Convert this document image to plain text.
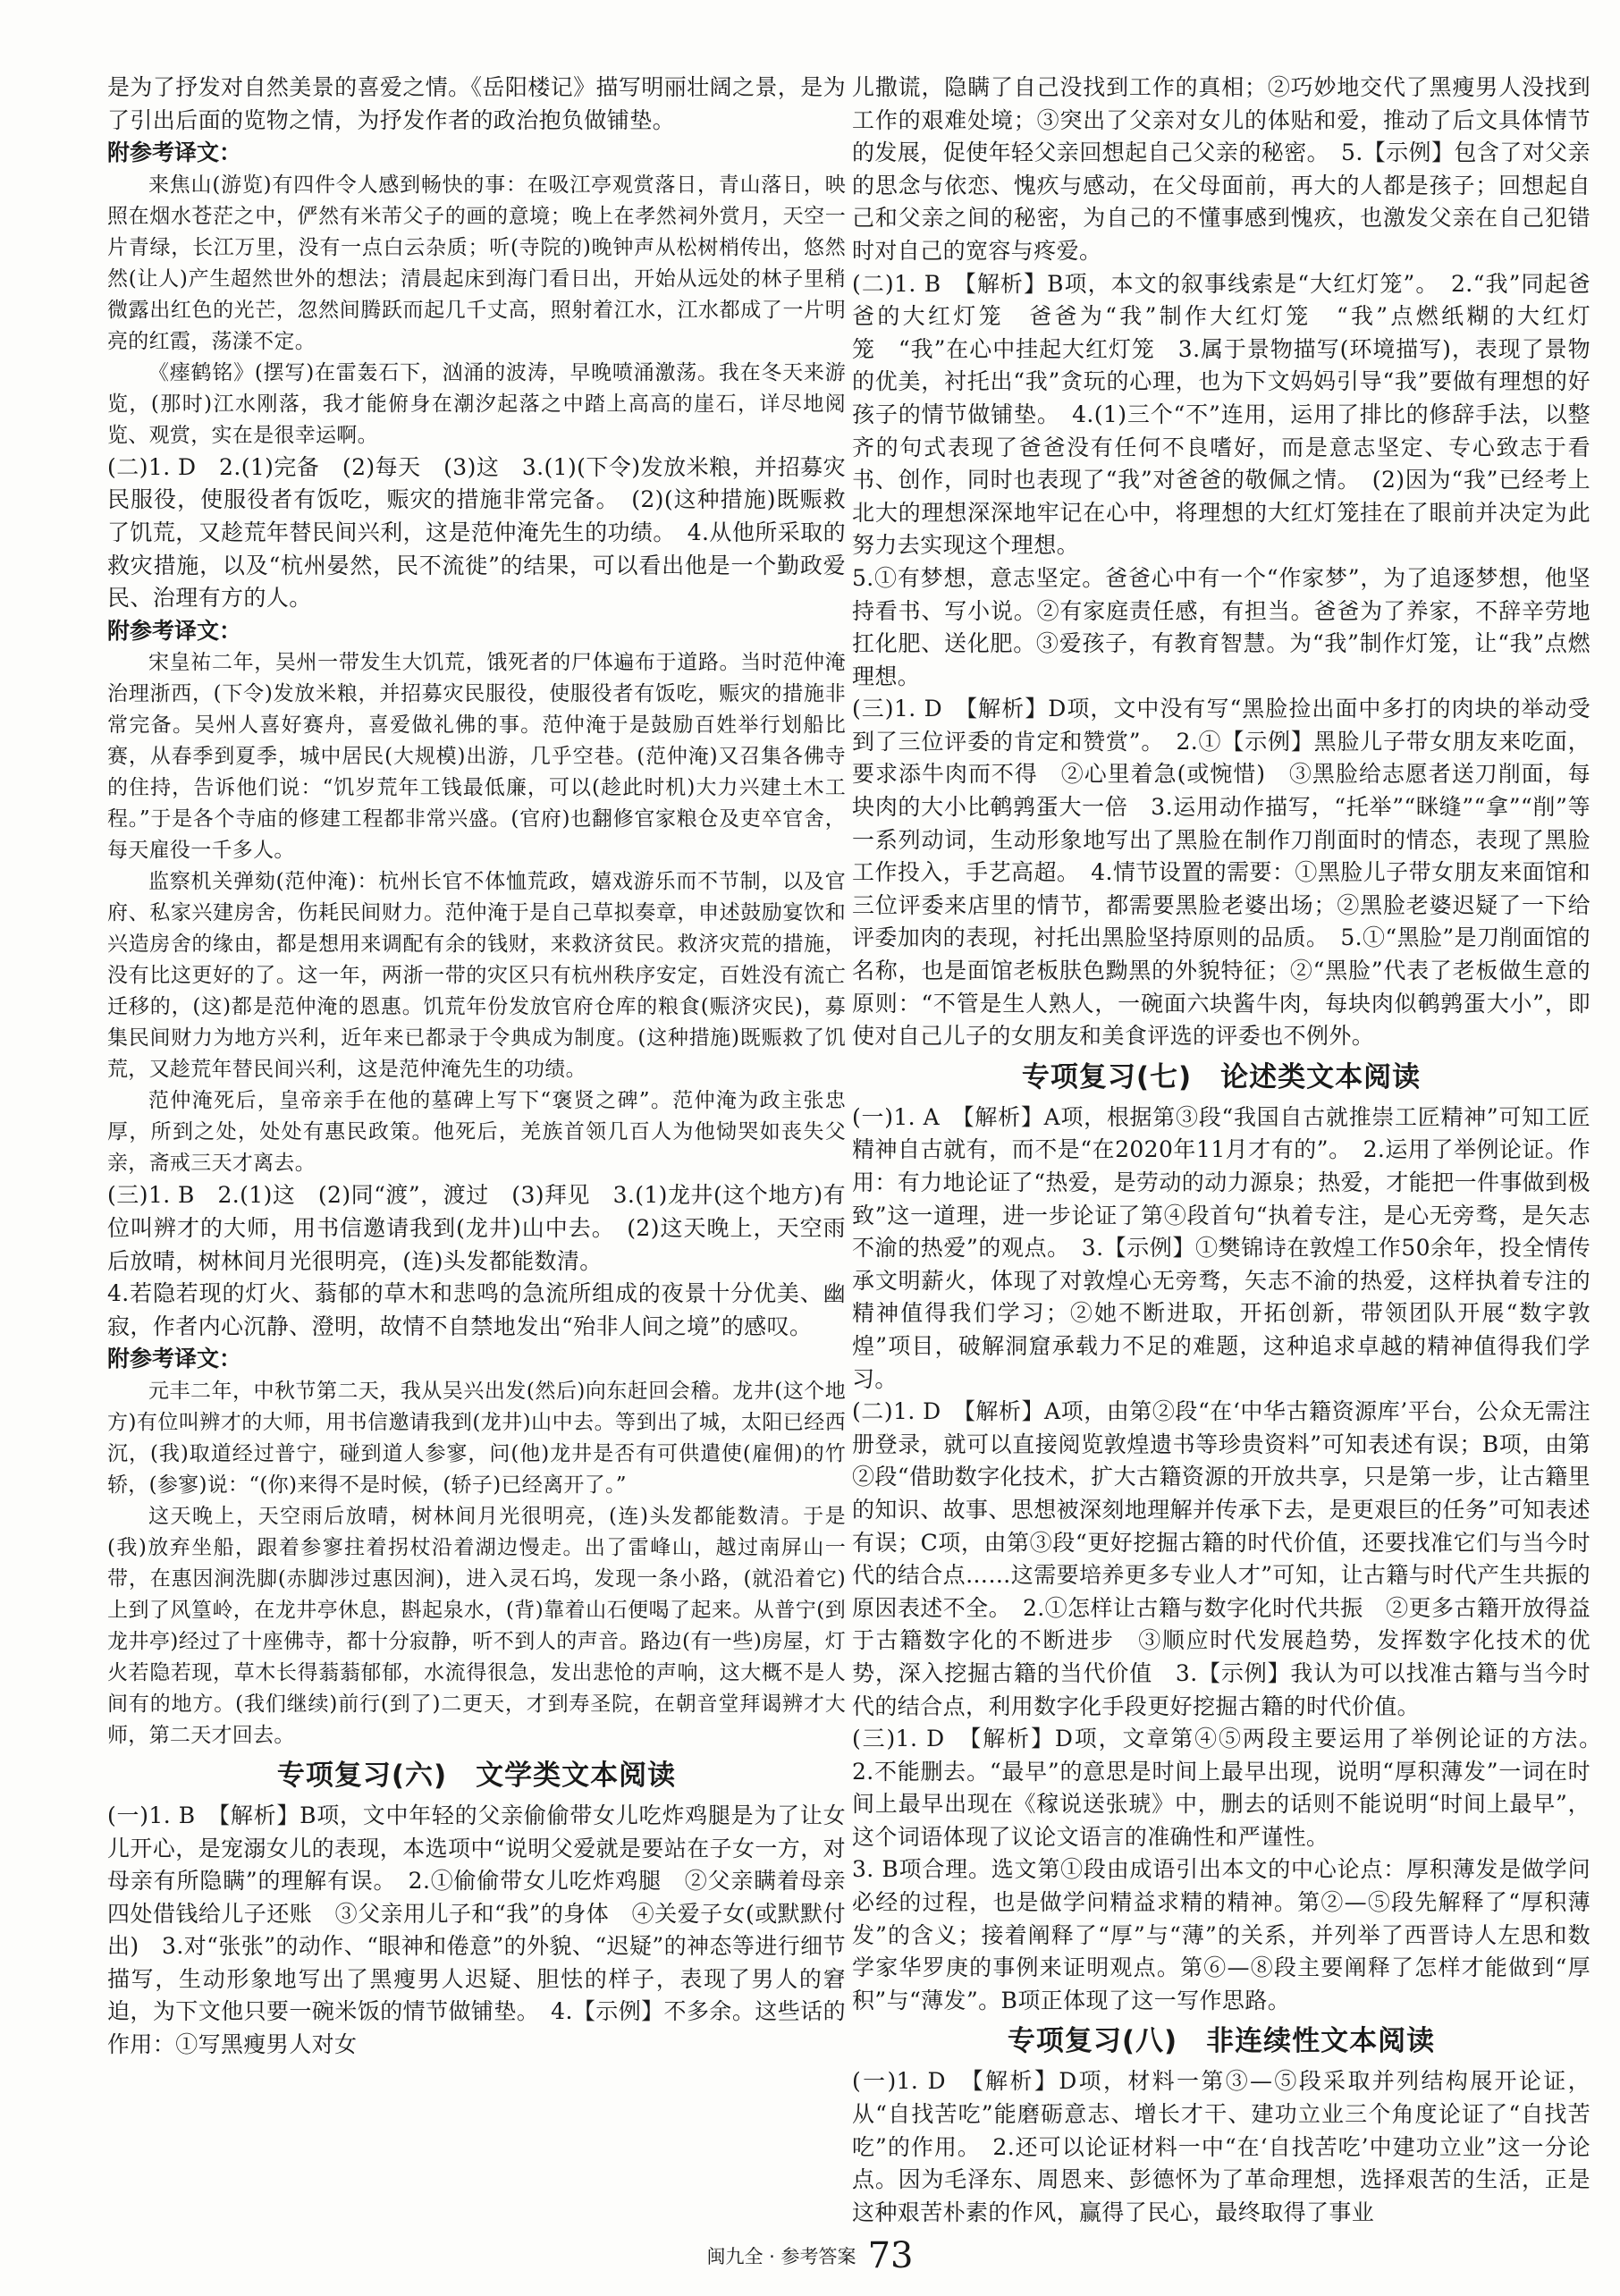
是为了抒发对自然美景的喜爱之情。《岳阳楼记》描写明丽壮阔之景，是为了引出后面的览物之情，为抒发作者的政治抱负做铺垫。

附参考译文：

来焦山(游览)有四件令人感到畅快的事：在吸江亭观赏落日，青山落日，映照在烟水苍茫之中，俨然有米芾父子的画的意境；晚上在孝然祠外赏月，天空一片青绿，长江万里，没有一点白云杂质；听(寺院的)晚钟声从松树梢传出，悠然然(让人)产生超然世外的想法；清晨起床到海门看日出，开始从远处的林子里稍微露出红色的光芒，忽然间腾跃而起几千丈高，照射着江水，江水都成了一片明亮的红霞，荡漾不定。

《瘗鹤铭》(摆写)在雷轰石下，汹涌的波涛，早晚喷涌激荡。我在冬天来游览，(那时)江水刚落，我才能俯身在潮汐起落之中踏上高高的崖石，详尽地阅览、观赏，实在是很幸运啊。

(二)1. D　2.(1)完备　(2)每天　(3)这　3.(1)(下令)发放米粮，并招募灾民服役，使服役者有饭吃，赈灾的措施非常完备。　(2)(这种措施)既赈救了饥荒，又趁荒年替民间兴利，这是范仲淹先生的功绩。　4.从他所采取的救灾措施，以及“杭州晏然，民不流徙”的结果，可以看出他是一个勤政爱民、治理有方的人。

附参考译文：

宋皇祐二年，吴州一带发生大饥荒，饿死者的尸体遍布于道路。当时范仲淹治理浙西，(下令)发放米粮，并招募灾民服役，使服役者有饭吃，赈灾的措施非常完备。吴州人喜好赛舟，喜爱做礼佛的事。范仲淹于是鼓励百姓举行划船比赛，从春季到夏季，城中居民(大规模)出游，几乎空巷。(范仲淹)又召集各佛寺的住持，告诉他们说：“饥岁荒年工钱最低廉，可以(趁此时机)大力兴建土木工程。”于是各个寺庙的修建工程都非常兴盛。(官府)也翻修官家粮仓及吏卒官舍，每天雇役一千多人。

监察机关弹劾(范仲淹)：杭州长官不体恤荒政，嬉戏游乐而不节制，以及官府、私家兴建房舍，伤耗民间财力。范仲淹于是自己草拟奏章，申述鼓励宴饮和兴造房舍的缘由，都是想用来调配有余的钱财，来救济贫民。救济灾荒的措施，没有比这更好的了。这一年，两浙一带的灾区只有杭州秩序安定，百姓没有流亡迁移的，(这)都是范仲淹的恩惠。饥荒年份发放官府仓库的粮食(赈济灾民)，募集民间财力为地方兴利，近年来已都录于令典成为制度。(这种措施)既赈救了饥荒，又趁荒年替民间兴利，这是范仲淹先生的功绩。

范仲淹死后，皇帝亲手在他的墓碑上写下“褒贤之碑”。范仲淹为政主张忠厚，所到之处，处处有惠民政策。他死后，羌族首领几百人为他恸哭如丧失父亲，斋戒三天才离去。

(三)1. B　2.(1)这　(2)同“渡”，渡过　(3)拜见　3.(1)龙井(这个地方)有位叫辨才的大师，用书信邀请我到(龙井)山中去。　(2)这天晚上，天空雨后放晴，树林间月光很明亮，(连)头发都能数清。

4.若隐若现的灯火、蓊郁的草木和悲鸣的急流所组成的夜景十分优美、幽寂，作者内心沉静、澄明，故情不自禁地发出“殆非人间之境”的感叹。

附参考译文：

元丰二年，中秋节第二天，我从吴兴出发(然后)向东赶回会稽。龙井(这个地方)有位叫辨才的大师，用书信邀请我到(龙井)山中去。等到出了城，太阳已经西沉，(我)取道经过普宁，碰到道人参寥，问(他)龙井是否有可供遣使(雇佣)的竹轿，(参寥)说：“(你)来得不是时候，(轿子)已经离开了。”

这天晚上，天空雨后放晴，树林间月光很明亮，(连)头发都能数清。于是(我)放弃坐船，跟着参寥拄着拐杖沿着湖边慢走。出了雷峰山，越过南屏山一带，在惠因涧洗脚(赤脚涉过惠因涧)，进入灵石坞，发现一条小路，(就沿着它)上到了风篁岭，在龙井亭休息，斟起泉水，(背)靠着山石便喝了起来。从普宁(到龙井亭)经过了十座佛寺，都十分寂静，听不到人的声音。路边(有一些)房屋，灯火若隐若现，草木长得蓊蓊郁郁，水流得很急，发出悲怆的声响，这大概不是人间有的地方。(我们继续)前行(到了)二更天，才到寿圣院，在朝音堂拜谒辨才大师，第二天才回去。

专项复习(六)　文学类文本阅读

(一)1. B　【解析】B项，文中年轻的父亲偷偷带女儿吃炸鸡腿是为了让女儿开心，是宠溺女儿的表现，本选项中“说明父爱就是要站在子女一方，对母亲有所隐瞒”的理解有误。　2.①偷偷带女儿吃炸鸡腿　②父亲瞒着母亲四处借钱给儿子还账　③父亲用儿子和“我”的身体　④关爱子女(或默默付出)　3.对“张张”的动作、“眼神和倦意”的外貌、“迟疑”的神态等进行细节描写，生动形象地写出了黑瘦男人迟疑、胆怯的样子，表现了男人的窘迫，为下文他只要一碗米饭的情节做铺垫。　4.【示例】不多余。这些话的作用：①写黑瘦男人对女

儿撒谎，隐瞒了自己没找到工作的真相；②巧妙地交代了黑瘦男人没找到工作的艰难处境；③突出了父亲对女儿的体贴和爱，推动了后文具体情节的发展，促使年轻父亲回想起自己父亲的秘密。　5.【示例】包含了对父亲的思念与依恋、愧疚与感动，在父母面前，再大的人都是孩子；回想起自己和父亲之间的秘密，为自己的不懂事感到愧疚，也激发父亲在自己犯错时对自己的宽容与疼爱。

(二)1. B　【解析】B项，本文的叙事线索是“大红灯笼”。　2.“我”同起爸爸的大红灯笼　爸爸为“我”制作大红灯笼　“我”点燃纸糊的大红灯笼　“我”在心中挂起大红灯笼　3.属于景物描写(环境描写)，表现了景物的优美，衬托出“我”贪玩的心理，也为下文妈妈引导“我”要做有理想的好孩子的情节做铺垫。　4.(1)三个“不”连用，运用了排比的修辞手法，以整齐的句式表现了爸爸没有任何不良嗜好，而是意志坚定、专心致志于看书、创作，同时也表现了“我”对爸爸的敬佩之情。　(2)因为“我”已经考上北大的理想深深地牢记在心中，将理想的大红灯笼挂在了眼前并决定为此努力去实现这个理想。

5.①有梦想，意志坚定。爸爸心中有一个“作家梦”，为了追逐梦想，他坚持看书、写小说。②有家庭责任感，有担当。爸爸为了养家，不辞辛劳地扛化肥、送化肥。③爱孩子，有教育智慧。为“我”制作灯笼，让“我”点燃理想。

(三)1. D　【解析】D项，文中没有写“黑脸捡出面中多打的肉块的举动受到了三位评委的肯定和赞赏”。　2.①【示例】黑脸儿子带女朋友来吃面，要求添牛肉而不得　②心里着急(或惋惜)　③黑脸给志愿者送刀削面，每块肉的大小比鹌鹑蛋大一倍　3.运用动作描写，“托举”“眯缝”“拿”“削”等一系列动词，生动形象地写出了黑脸在制作刀削面时的情态，表现了黑脸工作投入，手艺高超。　4.情节设置的需要：①黑脸儿子带女朋友来面馆和三位评委来店里的情节，都需要黑脸老婆出场；②黑脸老婆迟疑了一下给评委加肉的表现，衬托出黑脸坚持原则的品质。　5.①“黑脸”是刀削面馆的名称，也是面馆老板肤色黝黑的外貌特征；②“黑脸”代表了老板做生意的原则：“不管是生人熟人，一碗面六块酱牛肉，每块肉似鹌鹑蛋大小”，即使对自己儿子的女朋友和美食评选的评委也不例外。

专项复习(七)　论述类文本阅读

(一)1. A　【解析】A项，根据第③段“我国自古就推崇工匠精神”可知工匠精神自古就有，而不是“在2020年11月才有的”。　2.运用了举例论证。作用：有力地论证了“热爱，是劳动的动力源泉；热爱，才能把一件事做到极致”这一道理，进一步论证了第④段首句“执着专注，是心无旁骛，是矢志不渝的热爱”的观点。　3.【示例】①樊锦诗在敦煌工作50余年，投全情传承文明薪火，体现了对敦煌心无旁骛，矢志不渝的热爱，这样执着专注的精神值得我们学习；②她不断进取，开拓创新，带领团队开展“数字敦煌”项目，破解洞窟承载力不足的难题，这种追求卓越的精神值得我们学习。

(二)1. D　【解析】A项，由第②段“在‘中华古籍资源库’平台，公众无需注册登录，就可以直接阅览敦煌遗书等珍贵资料”可知表述有误；B项，由第②段“借助数字化技术，扩大古籍资源的开放共享，只是第一步，让古籍里的知识、故事、思想被深刻地理解并传承下去，是更艰巨的任务”可知表述有误；C项，由第③段“更好挖掘古籍的时代价值，还要找准它们与当今时代的结合点……这需要培养更多专业人才”可知，让古籍与时代产生共振的原因表述不全。　2.①怎样让古籍与数字化时代共振　②更多古籍开放得益于古籍数字化的不断进步　③顺应时代发展趋势，发挥数字化技术的优势，深入挖掘古籍的当代价值　3.【示例】我认为可以找准古籍与当今时代的结合点，利用数字化手段更好挖掘古籍的时代价值。

(三)1. D　【解析】D项，文章第④⑤两段主要运用了举例论证的方法。　2.不能删去。“最早”的意思是时间上最早出现，说明“厚积薄发”一词在时间上最早出现在《稼说送张琥》中，删去的话则不能说明“时间上最早”，这个词语体现了议论文语言的准确性和严谨性。

3. B项合理。选文第①段由成语引出本文的中心论点：厚积薄发是做学问必经的过程，也是做学问精益求精的精神。第②—⑤段先解释了“厚积薄发”的含义；接着阐释了“厚”与“薄”的关系，并列举了西晋诗人左思和数学家华罗庚的事例来证明观点。第⑥—⑧段主要阐释了怎样才能做到“厚积”与“薄发”。B项正体现了这一写作思路。

专项复习(八)　非连续性文本阅读

(一)1. D　【解析】D项，材料一第③—⑤段采取并列结构展开论证，从“自找苦吃”能磨砺意志、增长才干、建功立业三个角度论证了“自找苦吃”的作用。　2.还可以论证材料一中“在‘自找苦吃’中建功立业”这一分论点。因为毛泽东、周恩来、彭德怀为了革命理想，选择艰苦的生活，正是这种艰苦朴素的作风，赢得了民心，最终取得了事业

闽九全 · 参考答案 73
